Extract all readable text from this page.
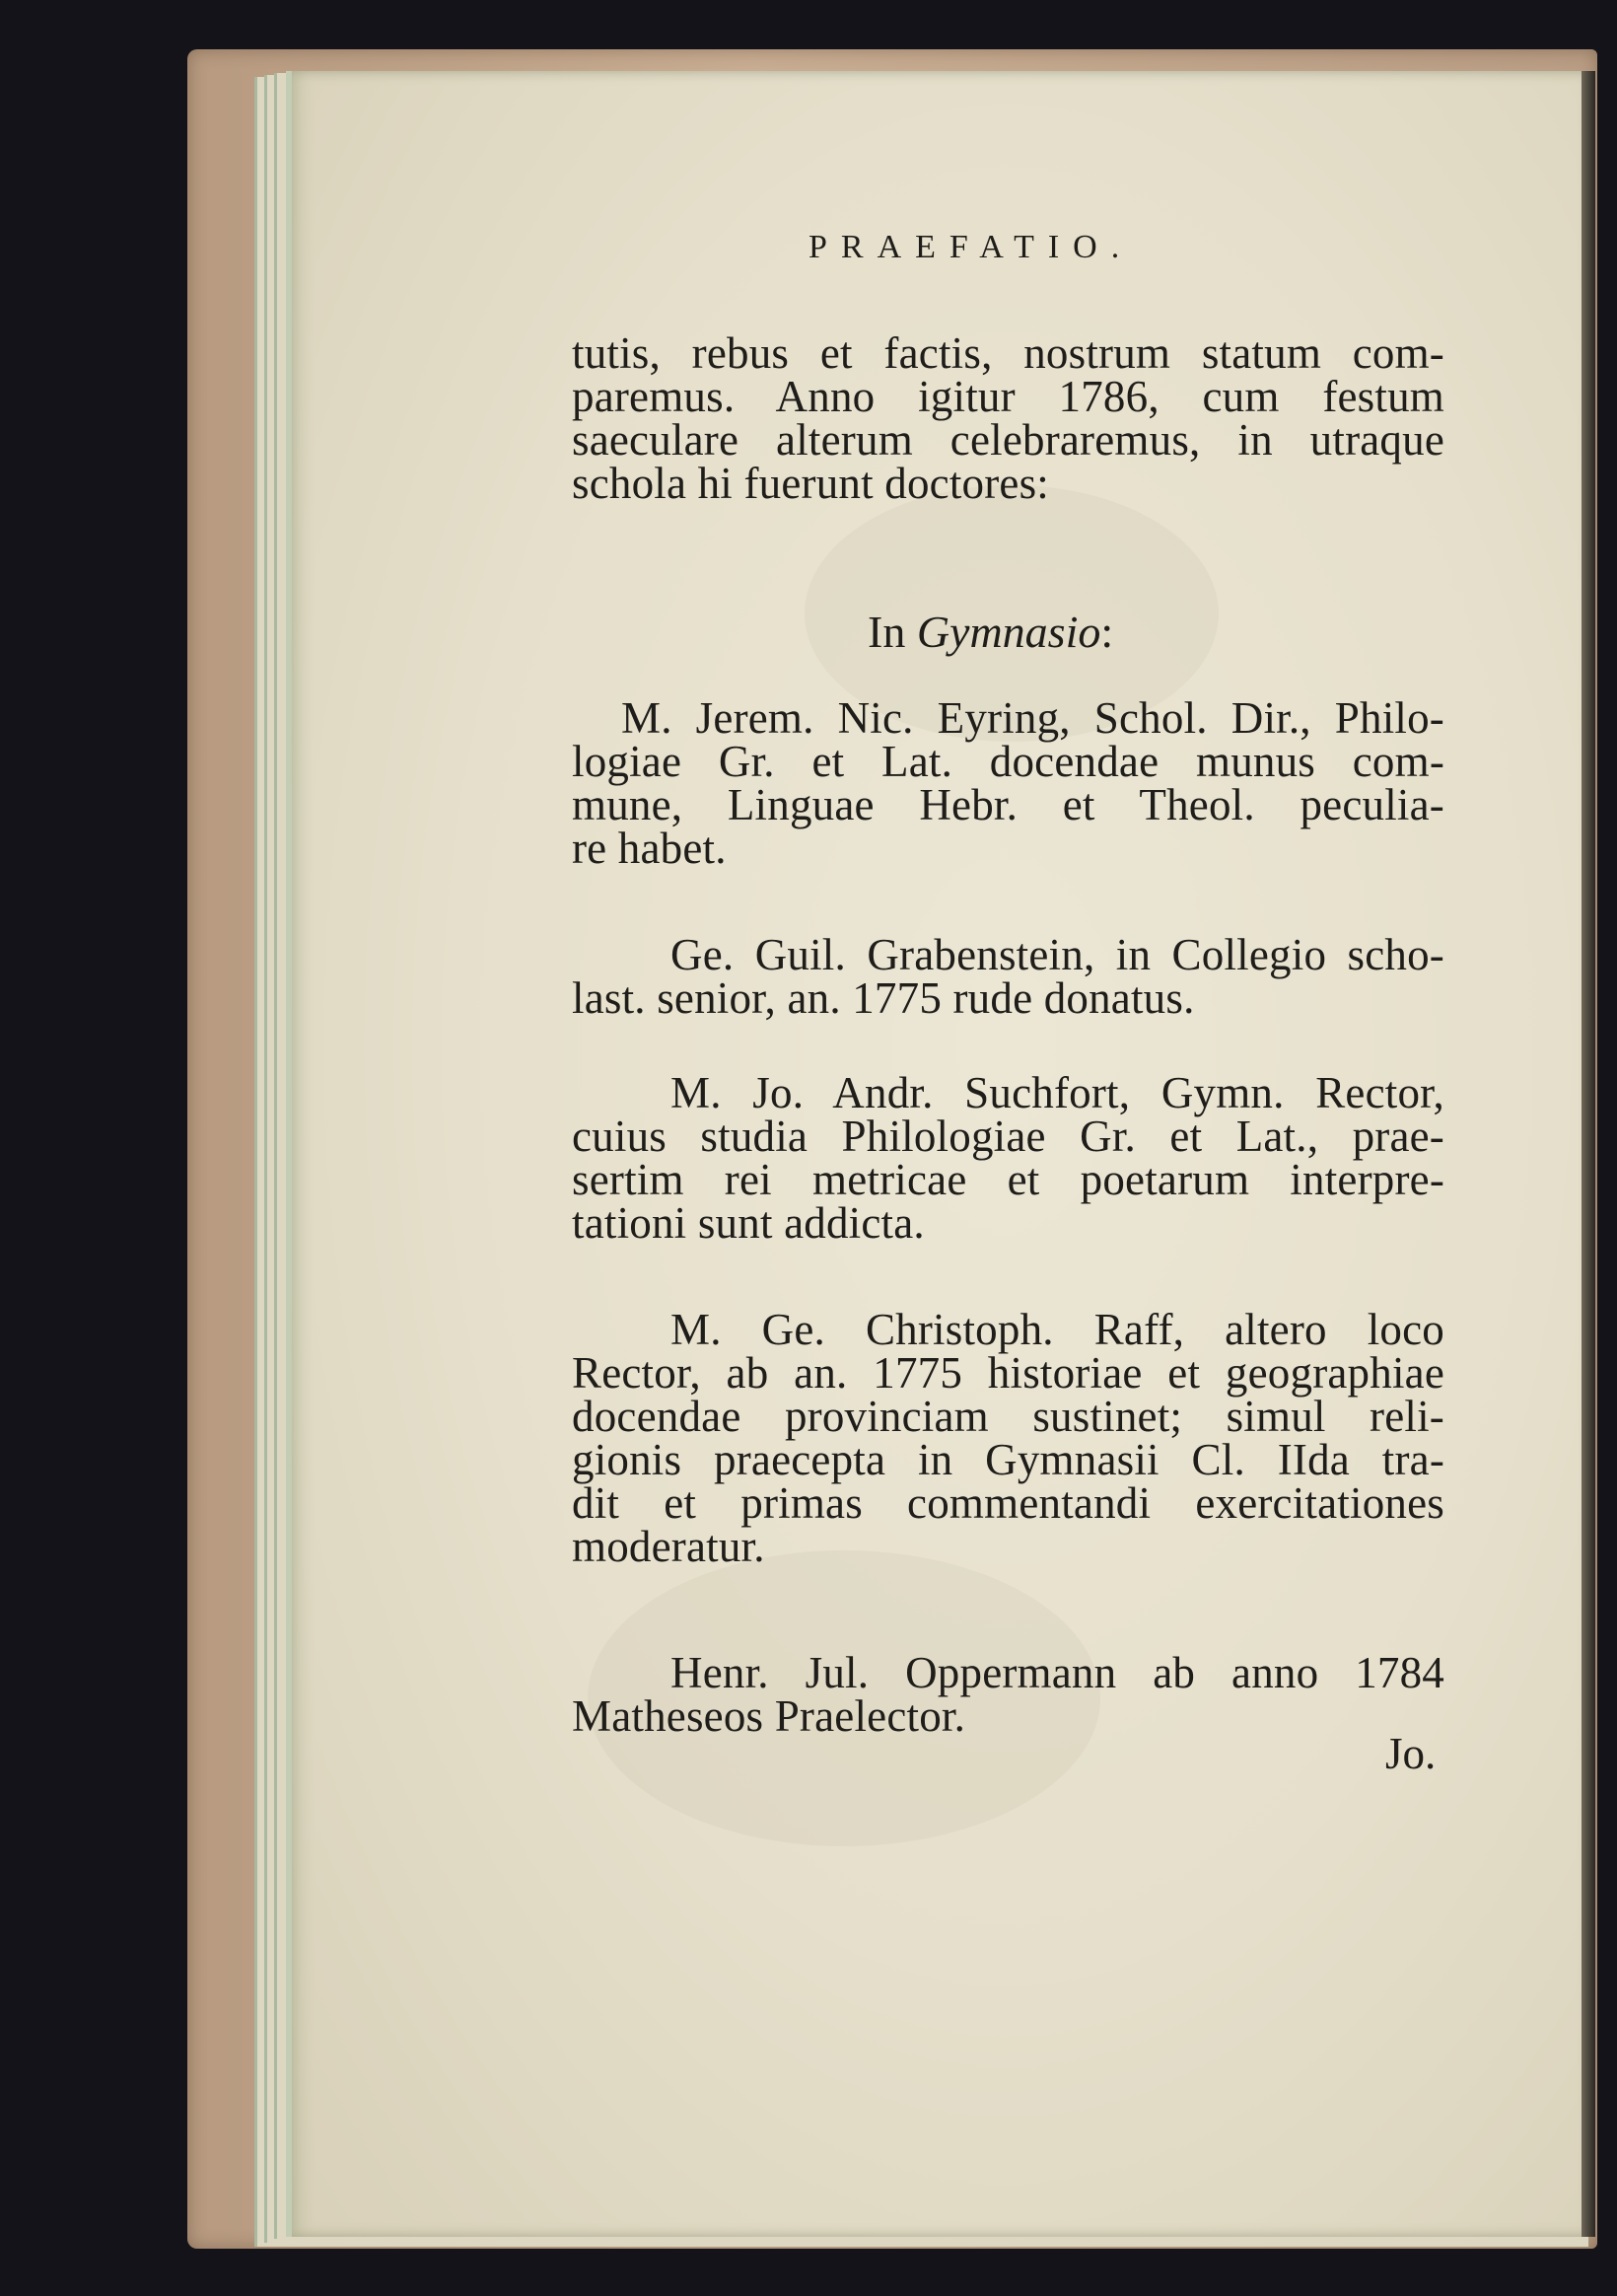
PRAEFATIO.
tutis, rebus et factis, nostrum statum com-
paremus. Anno igitur 1786, cum festum
saeculare alterum celebraremus, in utraque
schola hi fuerunt doctores:
In Gymnasio:
M. Jerem. Nic. Eyring, Schol. Dir., Philo-
logiae Gr. et Lat. docendae munus com-
mune, Linguae Hebr. et Theol. peculia-
re habet.
Ge. Guil. Grabenstein, in Collegio scho-
last. senior, an. 1775 rude donatus.
M. Jo. Andr. Suchfort, Gymn. Rector,
cuius studia Philologiae Gr. et Lat., prae-
sertim rei metricae et poetarum interpre-
tationi sunt addicta.
M. Ge. Christoph. Raff, altero loco
Rector, ab an. 1775 historiae et geographiae
docendae provinciam sustinet; simul reli-
gionis praecepta in Gymnasii Cl. IIda tra-
dit et primas commentandi exercitationes
moderatur.
Henr. Jul. Oppermann ab anno 1784
Matheseos Praelector.
Jo.
